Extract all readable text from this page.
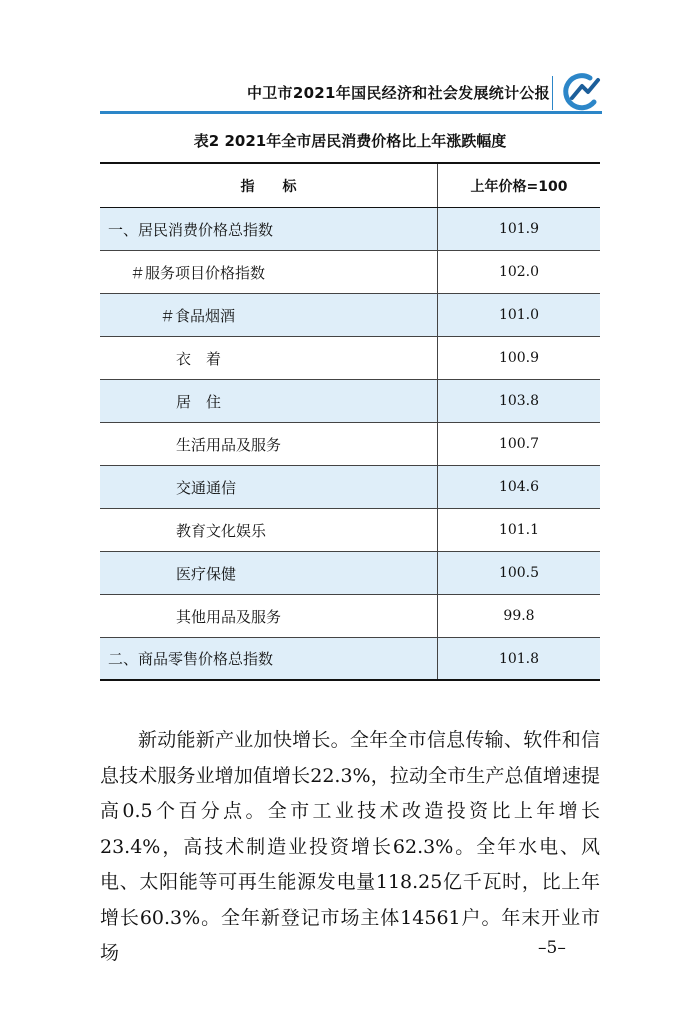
中卫市2021年国民经济和社会发展统计公报
表2 2021年全市居民消费价格比上年涨跌幅度
指　　标	上年价格=100
一、居民消费价格总指数	101.9
＃服务项目价格指数	102.0
＃食品烟酒	101.0
衣　着	100.9
居　住	103.8
生活用品及服务	100.7
交通通信	104.6
教育文化娱乐	101.1
医疗保健	100.5
其他用品及服务	99.8
二、商品零售价格总指数	101.8

新动能新产业加快增长。全年全市信息传输、软件和信息技术服务业增加值增长22.3%，拉动全市生产总值增速提高0.5个百分点。全市工业技术改造投资比上年增长23.4%，高技术制造业投资增长62.3%。全年水电、风电、太阳能等可再生能源发电量118.25亿千瓦时，比上年增长60.3%。全年新登记市场主体14561户。年末开业市场	–5–
